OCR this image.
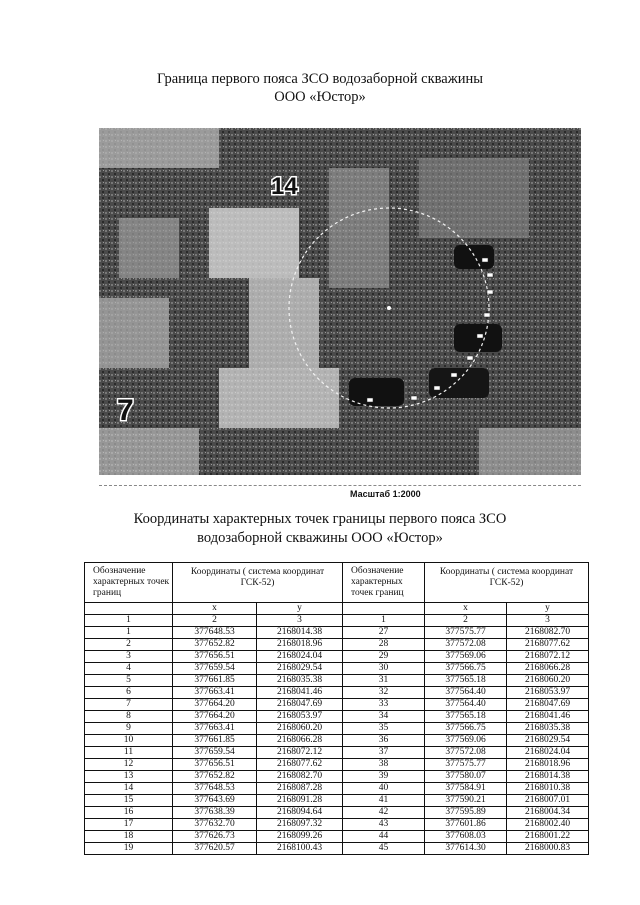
Граница первого пояса ЗСО водозаборной скважины
ООО «Юстор»
14
7
Масштаб 1:2000
Координаты характерных точек границы первого пояса ЗСО
водозаборной скважины ООО «Юстор»
Обозначение характерных точек границ	Координаты ( система координат ГСК-52)		Обозначение характерных точек границ	Координаты ( система координат ГСК-52)	
	x	y		x	y
1	2	3	1	2	3
1	377648.53	2168014.38	27	377575.77	2168082.70
2	377652.82	2168018.96	28	377572.08	2168077.62
3	377656.51	2168024.04	29	377569.06	2168072.12
4	377659.54	2168029.54	30	377566.75	2168066.28
5	377661.85	2168035.38	31	377565.18	2168060.20
6	377663.41	2168041.46	32	377564.40	2168053.97
7	377664.20	2168047.69	33	377564.40	2168047.69
8	377664.20	2168053.97	34	377565.18	2168041.46
9	377663.41	2168060.20	35	377566.75	2168035.38
10	377661.85	2168066.28	36	377569.06	2168029.54
11	377659.54	2168072.12	37	377572.08	2168024.04
12	377656.51	2168077.62	38	377575.77	2168018.96
13	377652.82	2168082.70	39	377580.07	2168014.38
14	377648.53	2168087.28	40	377584.91	2168010.38
15	377643.69	2168091.28	41	377590.21	2168007.01
16	377638.39	2168094.64	42	377595.89	2168004.34
17	377632.70	2168097.32	43	377601.86	2168002.40
18	377626.73	2168099.26	44	377608.03	2168001.22
19	377620.57	2168100.43	45	377614.30	2168000.83
